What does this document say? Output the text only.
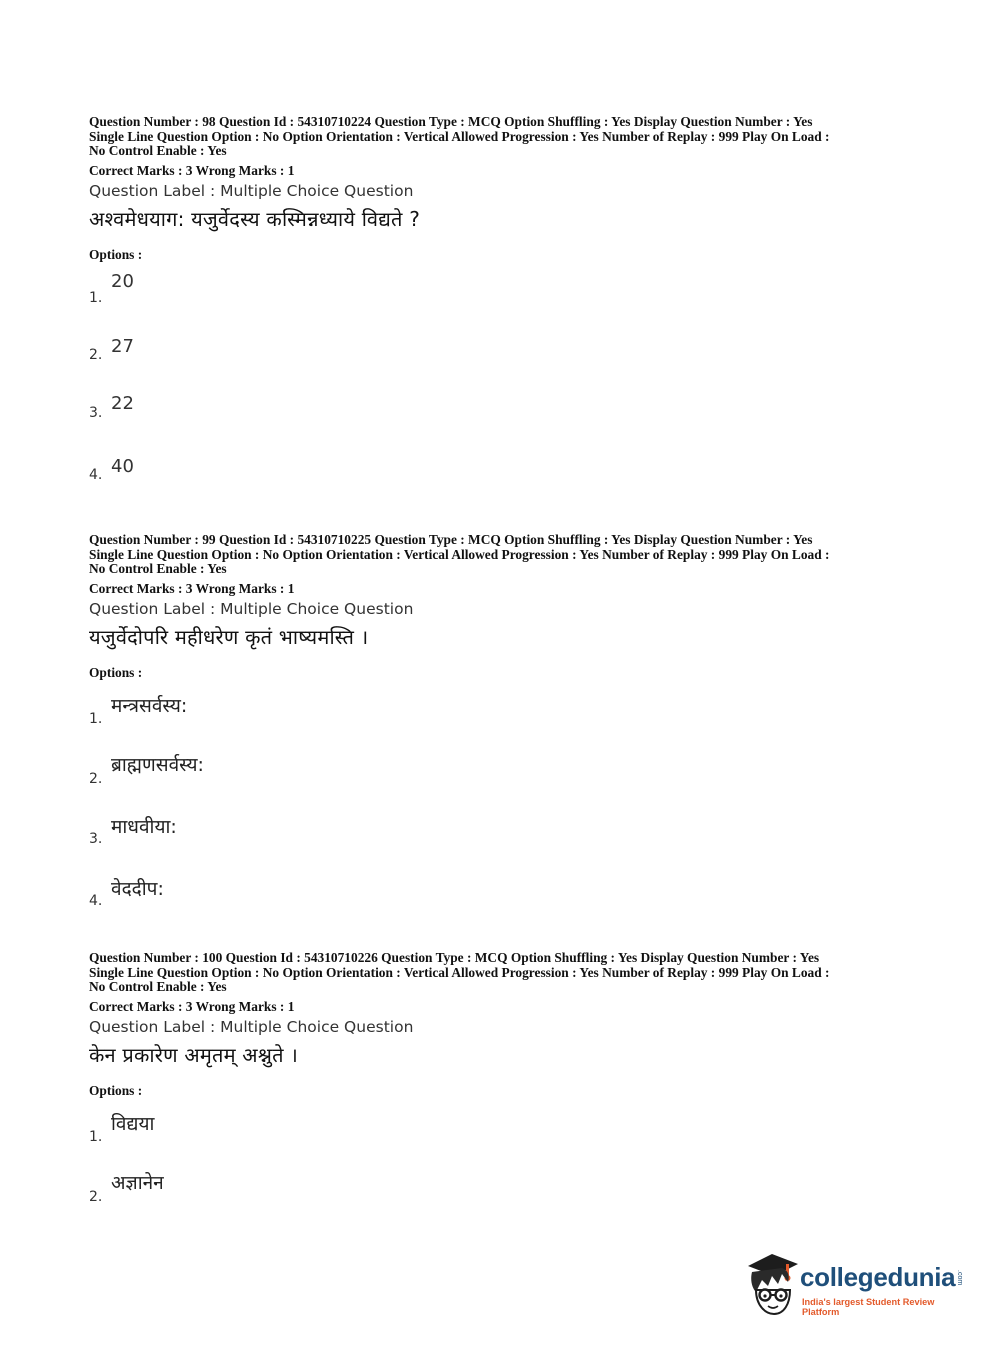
Question Number : 98 Question Id : 54310710224 Question Type : MCQ Option Shuffling : Yes Display Question Number : Yes

Single Line Question Option : No Option Orientation : Vertical Allowed Progression : Yes Number of Replay : 999 Play On Load :

No Control Enable : Yes

Correct Marks : 3 Wrong Marks : 1
Question Label : Multiple Choice Question
अश्वमेधयाग: यजुर्वेदस्य कस्मिन्नध्याये विद्यते ?
Options :
1.
20
2. 27
3. 22
4. 40

Question Number : 99 Question Id : 54310710225 Question Type : MCQ Option Shuffling : Yes Display Question Number : Yes

Single Line Question Option : No Option Orientation : Vertical Allowed Progression : Yes Number of Replay : 999 Play On Load :

No Control Enable : Yes

Correct Marks : 3 Wrong Marks : 1
Question Label : Multiple Choice Question
यजुर्वेदोपरि महीधरेण कृतं भाष्यमस्ति ।
Options :
1.
मन्त्रसर्वस्य:
2.
ब्राह्मणसर्वस्य:
3.
माधवीया:
4.
वेददीप:

Question Number : 100 Question Id : 54310710226 Question Type : MCQ Option Shuffling : Yes Display Question Number : Yes

Single Line Question Option : No Option Orientation : Vertical Allowed Progression : Yes Number of Replay : 999 Play On Load :

No Control Enable : Yes

Correct Marks : 3 Wrong Marks : 1
Question Label : Multiple Choice Question
केन प्रकारेण अमृतम् अश्नुते ।
Options :
1.
विद्यया
2.
अज्ञानेन
collegedunia .com
India's largest Student Review Platform
